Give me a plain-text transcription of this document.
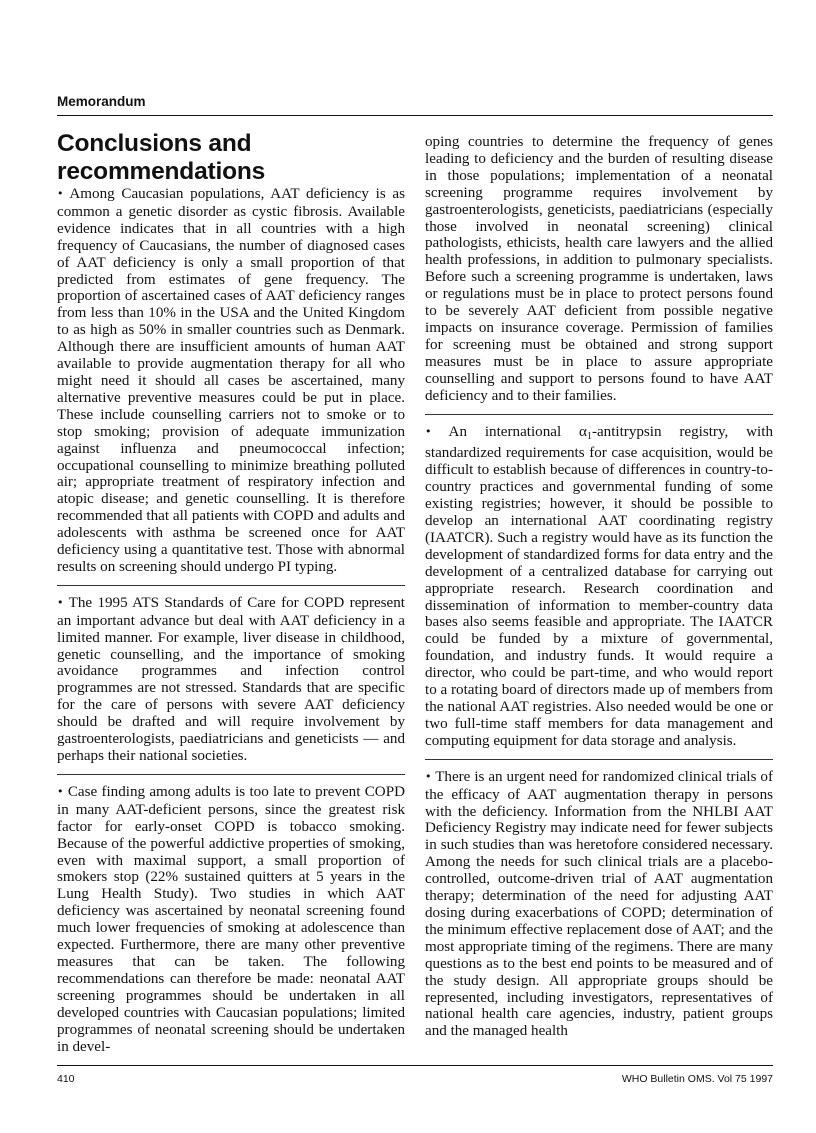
Memorandum
Conclusions and recommendations

• Among Caucasian populations, AAT deficiency is as common a genetic disorder as cystic fibrosis. Available evidence indicates that in all countries with a high frequency of Caucasians, the number of diagnosed cases of AAT deficiency is only a small proportion of that predicted from estimates of gene frequency. The proportion of ascertained cases of AAT deficiency ranges from less than 10% in the USA and the United Kingdom to as high as 50% in smaller countries such as Denmark. Although there are insufficient amounts of human AAT available to provide augmentation therapy for all who might need it should all cases be ascertained, many alternative preventive measures could be put in place. These include counselling carriers not to smoke or to stop smoking; provision of adequate immunization against influenza and pneumococcal infection; occupational counselling to minimize breathing polluted air; appropriate treatment of respiratory infection and atopic disease; and genetic counselling. It is therefore recommended that all patients with COPD and adults and adolescents with asthma be screened once for AAT deficiency using a quantitative test. Those with abnormal results on screening should undergo PI typing.

• The 1995 ATS Standards of Care for COPD represent an important advance but deal with AAT deficiency in a limited manner. For example, liver disease in childhood, genetic counselling, and the importance of smoking avoidance programmes and infection control programmes are not stressed. Standards that are specific for the care of persons with severe AAT deficiency should be drafted and will require involvement by gastroenterologists, paediatricians and geneticists — and perhaps their national societies.

• Case finding among adults is too late to prevent COPD in many AAT-deficient persons, since the greatest risk factor for early-onset COPD is tobacco smoking. Because of the powerful addictive properties of smoking, even with maximal support, a small proportion of smokers stop (22% sustained quitters at 5 years in the Lung Health Study). Two studies in which AAT deficiency was ascertained by neonatal screening found much lower frequencies of smoking at adolescence than expected. Furthermore, there are many other preventive measures that can be taken. The following recommendations can therefore be made: neonatal AAT screening programmes should be undertaken in all developed countries with Caucasian populations; limited programmes of neonatal screening should be undertaken in devel-

oping countries to determine the frequency of genes leading to deficiency and the burden of resulting disease in those populations; implementation of a neonatal screening programme requires involvement by gastroenterologists, geneticists, paediatricians (especially those involved in neonatal screening) clinical pathologists, ethicists, health care lawyers and the allied health professions, in addition to pulmonary specialists. Before such a screening programme is undertaken, laws or regulations must be in place to protect persons found to be severely AAT deficient from possible negative impacts on insurance coverage. Permission of families for screening must be obtained and strong support measures must be in place to assure appropriate counselling and support to persons found to have AAT deficiency and to their families.

• An international $\alpha_1$-antitrypsin registry, with standardized requirements for case acquisition, would be difficult to establish because of differences in country-to-country practices and governmental funding of some existing registries; however, it should be possible to develop an international AAT coordinating registry (IAATCR). Such a registry would have as its function the development of standardized forms for data entry and the development of a centralized database for carrying out appropriate research. Research coordination and dissemination of information to member-country data bases also seems feasible and appropriate. The IAATCR could be funded by a mixture of governmental, foundation, and industry funds. It would require a director, who could be part-time, and who would report to a rotating board of directors made up of members from the national AAT registries. Also needed would be one or two full-time staff members for data management and computing equipment for data storage and analysis.

• There is an urgent need for randomized clinical trials of the efficacy of AAT augmentation therapy in persons with the deficiency. Information from the NHLBI AAT Deficiency Registry may indicate need for fewer subjects in such studies than was heretofore considered necessary. Among the needs for such clinical trials are a placebo-controlled, outcome-driven trial of AAT augmentation therapy; determination of the need for adjusting AAT dosing during exacerbations of COPD; determination of the minimum effective replacement dose of AAT; and the most appropriate timing of the regimens. There are many questions as to the best end points to be measured and of the study design. All appropriate groups should be represented, including investigators, representatives of national health care agencies, industry, patient groups and the managed health

410	WHO Bulletin OMS. Vol 75 1997
